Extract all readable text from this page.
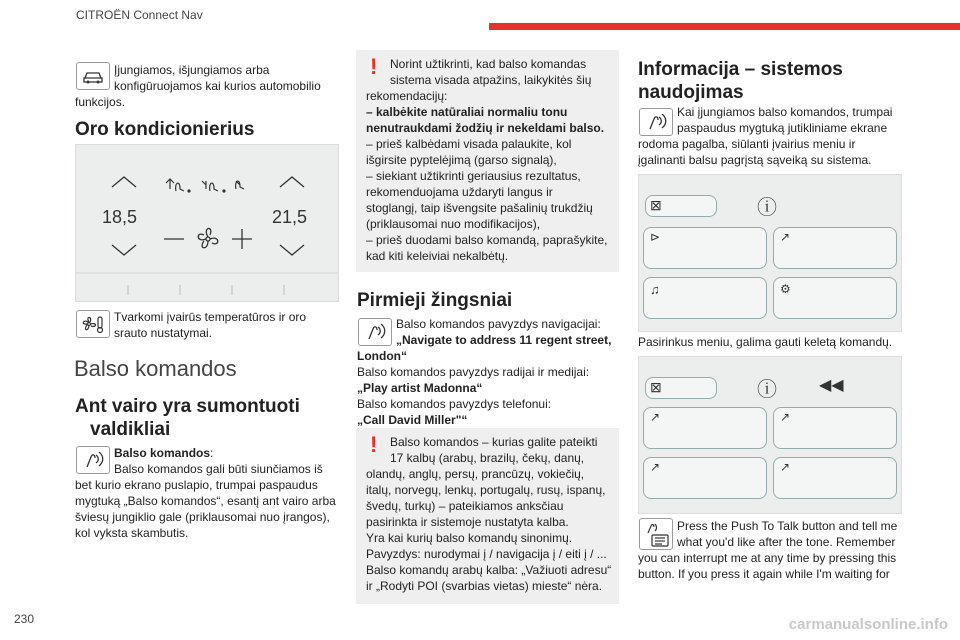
CITROËN Connect Nav
Įjungiamos, išjungiamos arba
konfigūruojamos kai kurios automobilio
funkcijos.
Oro kondicionierius
18,5	21,5
Tvarkomi įvairūs temperatūros ir oro
srauto nustatymai.
Balso komandos
Ant vairo yra sumontuoti
valdikliai
Balso komandos:
Balso komandos gali būti siunčiamos iš
bet kurio ekrano puslapio, trumpai paspaudus
mygtuką „Balso komandos“, esantį ant vairo arba
šviesų jungiklio gale (priklausomai nuo įrangos),
kol vyksta skambutis.
! Norint užtikrinti, kad balso komandas
sistema visada atpažins, laikykitės šių
rekomendacijų:
– kalbėkite natūraliai normaliu tonu
nenutraukdami žodžių ir nekeldami balso.
– prieš kalbėdami visada palaukite, kol
išgirsite pyptelėjimą (garso signalą),
– siekiant užtikrinti geriausius rezultatus,
rekomenduojama uždaryti langus ir
stoglangį, taip išvengsite pašalinių trukdžių
(priklausomai nuo modifikacijos),
– prieš duodami balso komandą, paprašykite,
kad kiti keleiviai nekalbėtų.
Pirmieji žingsniai
Balso komandos pavyzdys navigacijai:
„Navigate to address 11 regent street,
London“
Balso komandos pavyzdys radijai ir medijai:
„Play artist Madonna“
Balso komandos pavyzdys telefonui:
„Call David Miller"“
! Balso komandos – kurias galite pateikti
17 kalbų (arabų, brazilų, čekų, danų,
olandų, anglų, persų, prancūzų, vokiečių,
italų, norvegų, lenkų, portugalų, rusų, ispanų,
švedų, turkų) – pateikiamos anksčiau
pasirinkta ir sistemoje nustatyta kalba.
Yra kai kurių balso komandų sinonimų.
Pavyzdys: nurodymai į / navigacija į / eiti į / ...
Balso komandų arabų kalba: „Važiuoti adresu“
ir „Rodyti POI (svarbias vietas) mieste“ nėra.
Informacija – sistemos
naudojimas
Kai įjungiamos balso komandos, trumpai
paspaudus mygtuką jutikliniame ekrane
rodoma pagalba, siūlanti įvairius meniu ir
įgalinanti balsu pagrįstą sąveiką su sistema.
⊠	ⓘ
⊳	↗
♫	⚙
Pasirinkus meniu, galima gauti keletą komandų.
⊠	ⓘ	◀◀
↗	↗
↗	↗
Press the Push To Talk button and tell me
what you'd like after the tone. Remember
you can interrupt me at any time by pressing this
button. If you press it again while I'm waiting for
230	carmanualsonline.info
